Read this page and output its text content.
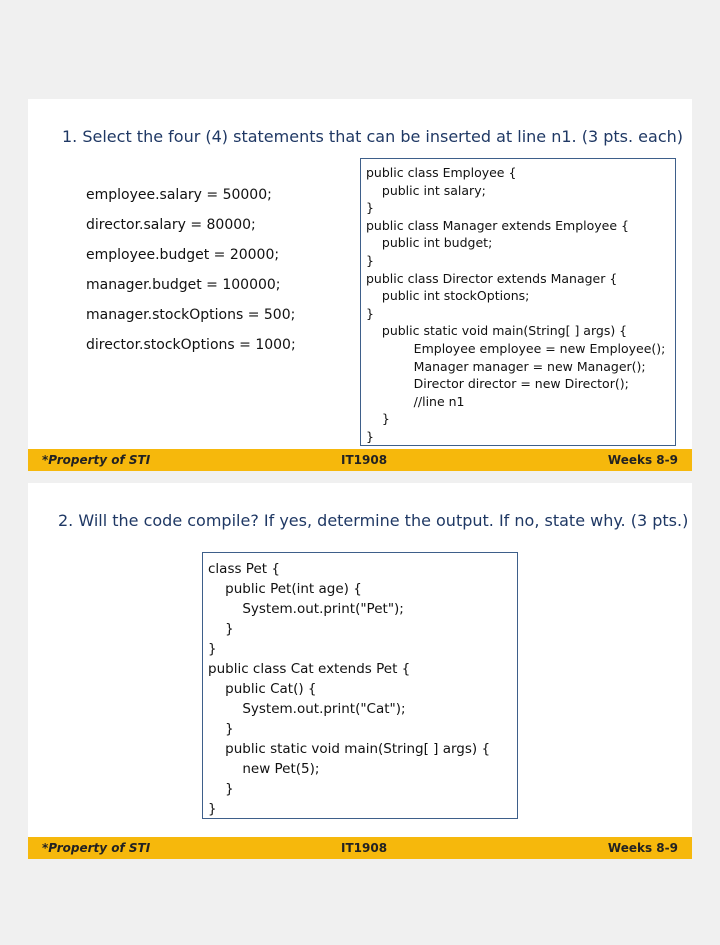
1. Select the four (4) statements that can be inserted at line n1. (3 pts. each)
employee.salary = 50000;
director.salary = 80000;
employee.budget = 20000;
manager.budget = 100000;
manager.stockOptions = 500;
director.stockOptions = 1000;
public class Employee {
public int salary;
}
public class Manager extends Employee {
public int budget;
}
public class Director extends Manager {
public int stockOptions;
}
public static void main(String[ ] args) {
Employee employee = new Employee();
Manager manager = new Manager();
Director director = new Director();
//line n1
}
}
*Property of STI	IT1908	Weeks 8-9
2. Will the code compile? If yes, determine the output. If no, state why. (3 pts.)
class Pet {
public Pet(int age) {
System.out.print("Pet");
}
}
public class Cat extends Pet {
public Cat() {
System.out.print("Cat");
}
public static void main(String[ ] args) {
new Pet(5);
}
}
*Property of STI	IT1908	Weeks 8-9
